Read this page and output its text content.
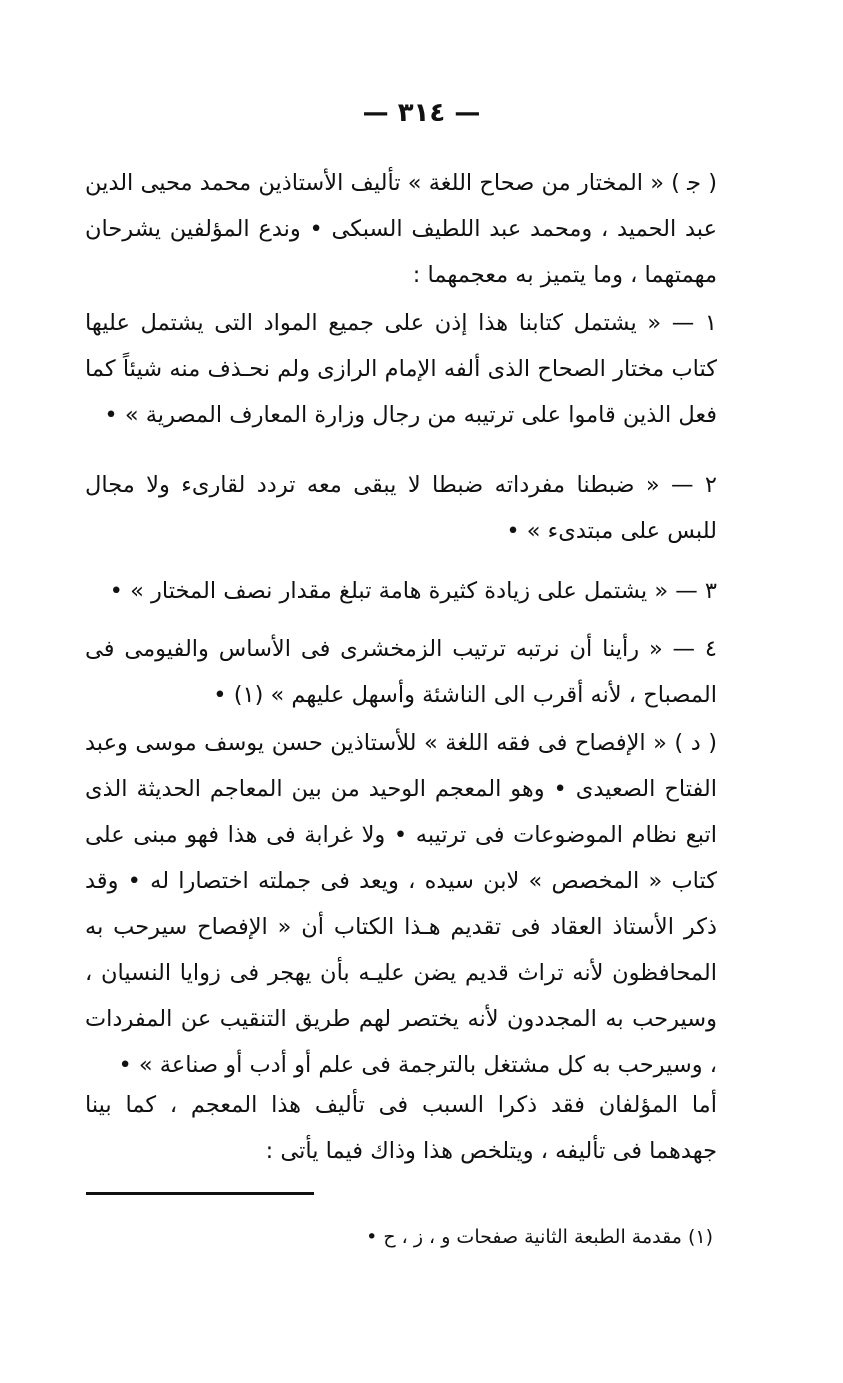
— ٣١٤ —

( ﺟ ) « المختار من صحاح اللغة » تأليف الأستاذين محمد محيى الدين عبد الحميد ، ومحمد عبد اللطيف السبكى • وندع المؤلفين يشرحان مهمتهما ، وما يتميز به معجمهما :

١ — « يشتمل كتابنا هذا إذن على جميع المواد التى يشتمل عليها كتاب مختار الصحاح الذى ألفه الإمام الرازى ولم نحـذف منه شيئاً كما فعل الذين قاموا على ترتيبه من رجال وزارة المعارف المصرية » •

٢ — « ضبطنا مفرداته ضبطا لا يبقى معه تردد لقارىء ولا مجال للبس على مبتدىء » •

٣ — « يشتمل على زيادة كثيرة هامة تبلغ مقدار نصف المختار » •

٤ — « رأينا أن نرتبه ترتيب الزمخشرى فى الأساس والفيومى فى المصباح ، لأنه أقرب الى الناشئة وأسهل عليهم » (١) •

( د ) « الإفصاح فى فقه اللغة » للأستاذين حسن يوسف موسى وعبد الفتاح الصعيدى • وهو المعجم الوحيد من بين المعاجم الحديثة الذى اتبع نظام الموضوعات فى ترتيبه • ولا غرابة فى هذا فهو مبنى على كتاب « المخصص » لابن سيده ، ويعد فى جملته اختصارا له • وقد ذكر الأستاذ العقاد فى تقديم هـذا الكتاب أن « الإفصاح سيرحب به المحافظون لأنه تراث قديم يضن عليـه بأن يهجر فى زوايا النسيان ، وسيرحب به المجددون لأنه يختصر لهم طريق التنقيب عن المفردات ، وسيرحب به كل مشتغل بالترجمة فى علم أو أدب أو صناعة » •

أما المؤلفان فقد ذكرا السبب فى تأليف هذا المعجم ، كما بينا جهدهما فى تأليفه ، ويتلخص هذا وذاك فيما يأتى :

(١) مقدمة الطبعة الثانية صفحات و ، ز ، ح •
